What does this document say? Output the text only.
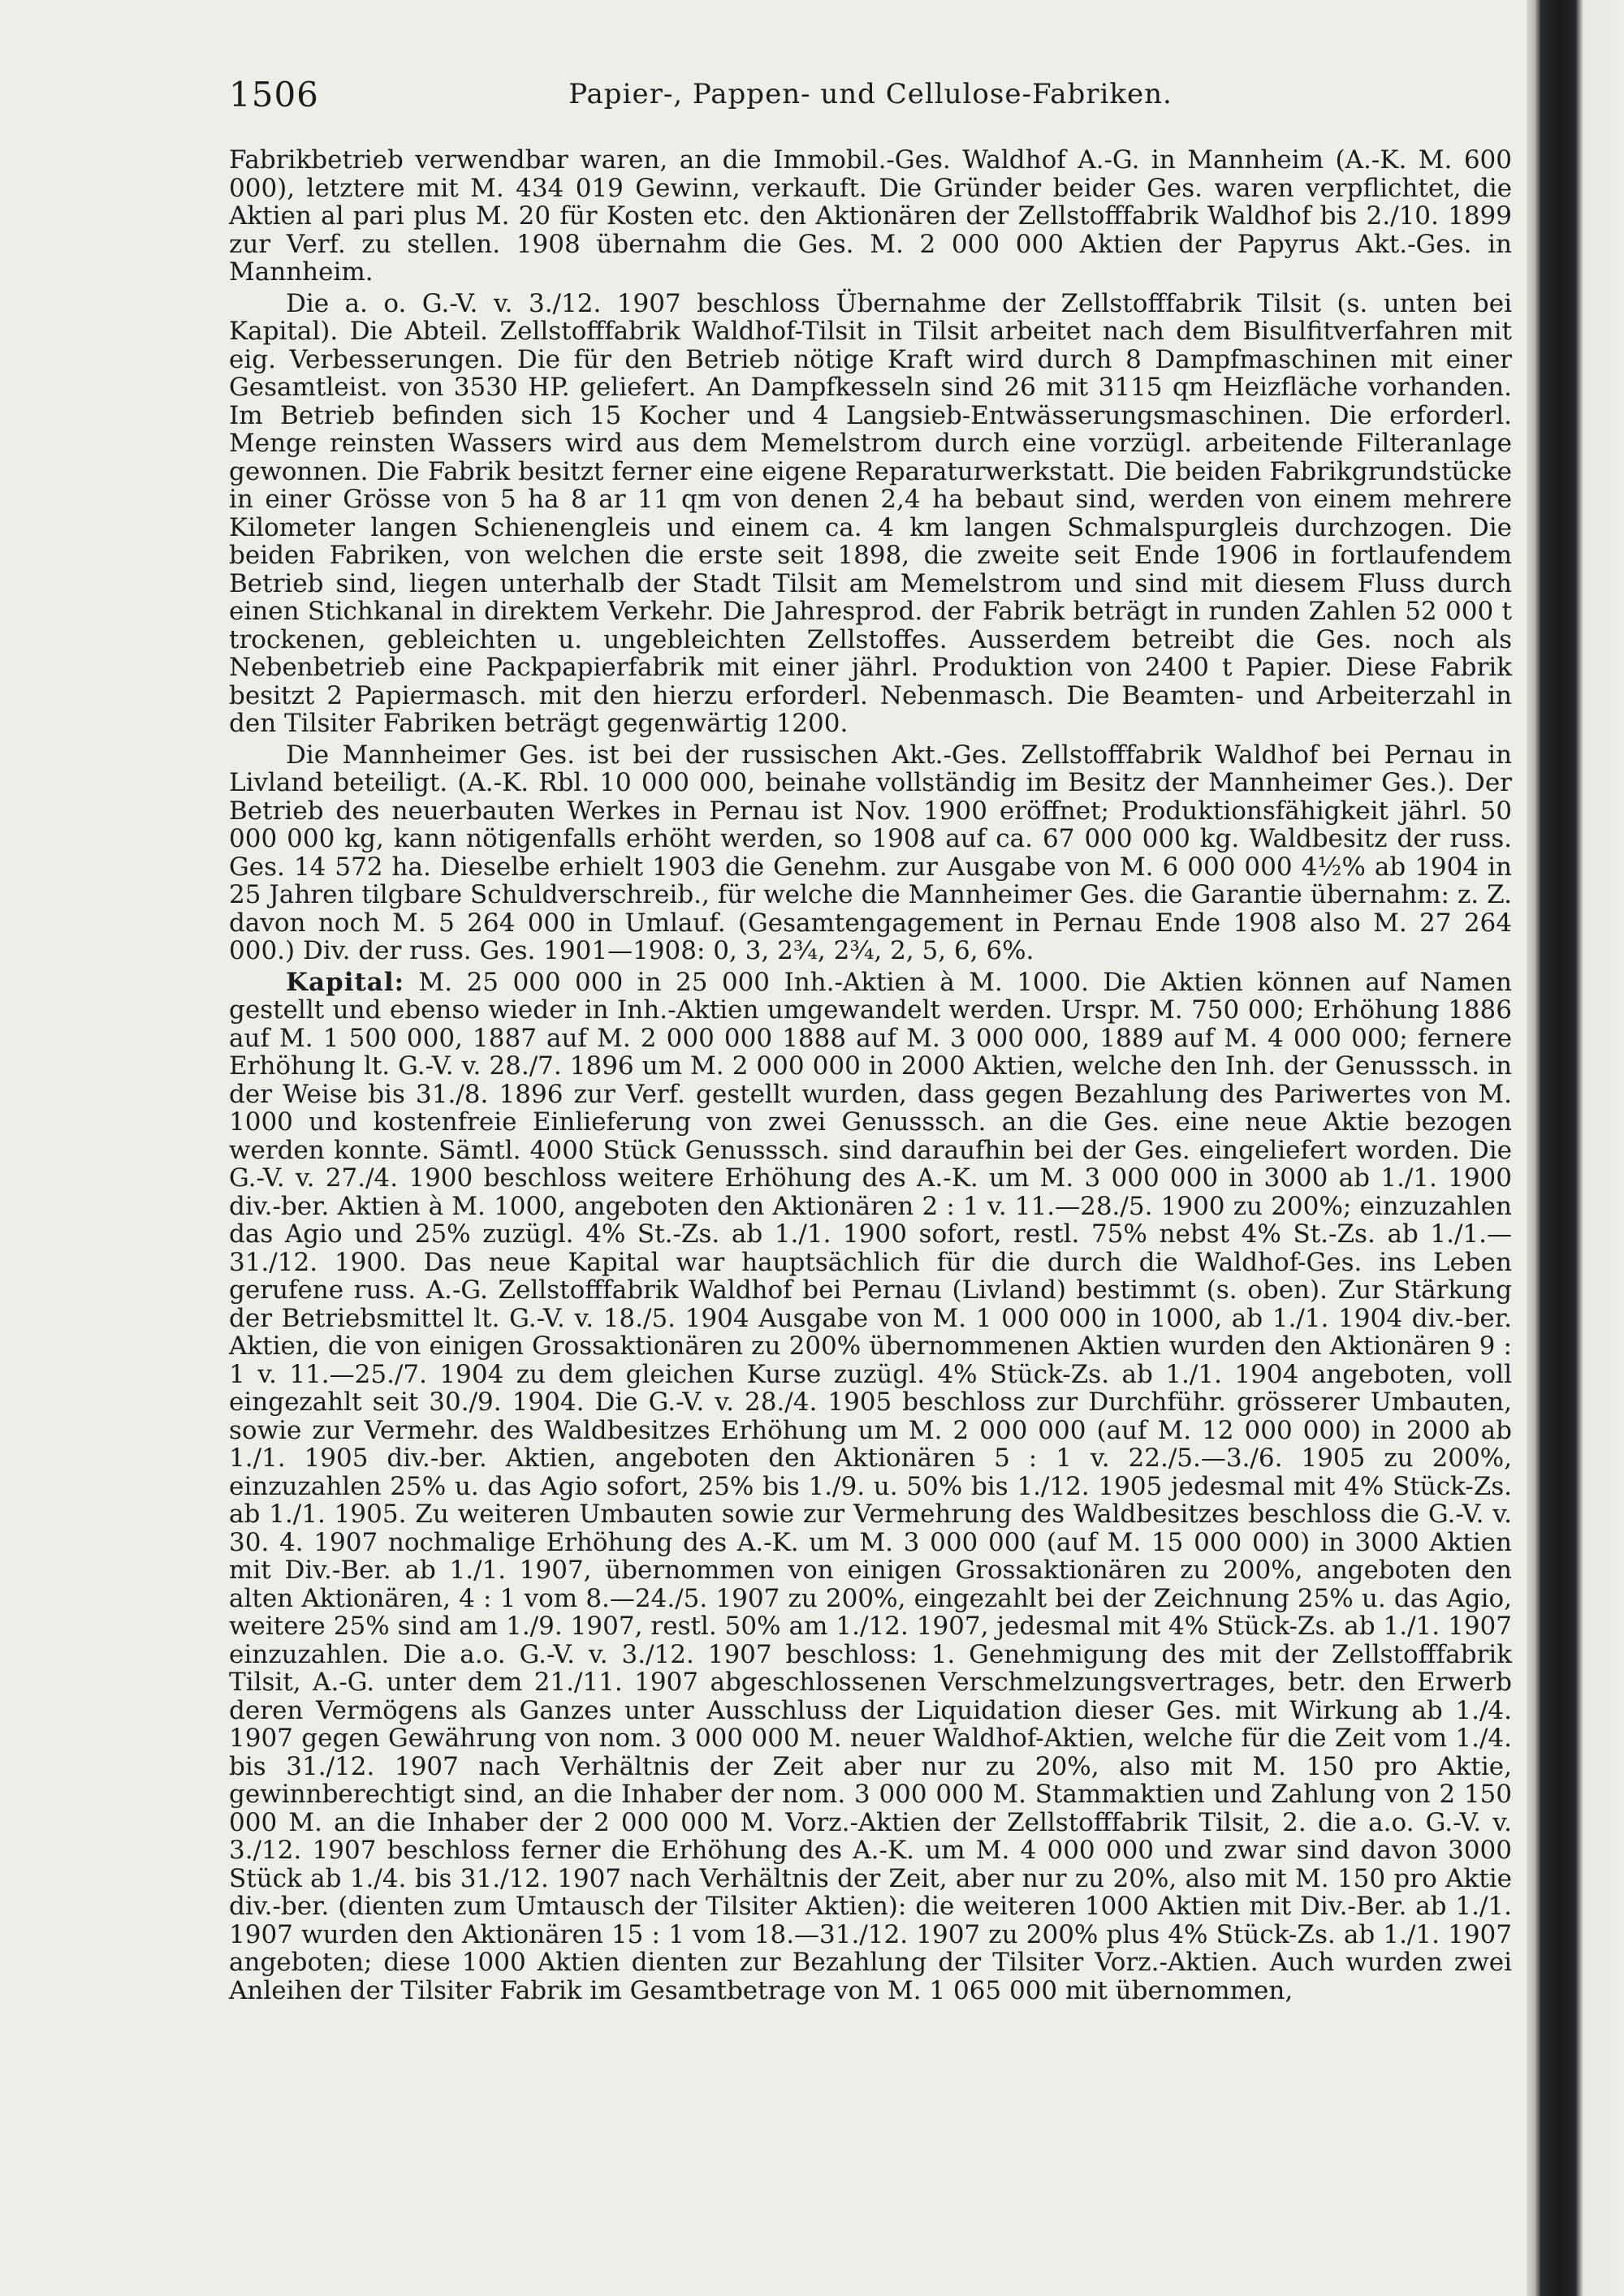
1506	Papier-, Pappen- und Cellulose-Fabriken.

Fabrikbetrieb verwendbar waren, an die Immobil.-Ges. Waldhof A.-G. in Mannheim (A.-K. M. 600 000), letztere mit M. 434 019 Gewinn, verkauft. Die Gründer beider Ges. waren verpflichtet, die Aktien al pari plus M. 20 für Kosten etc. den Aktionären der Zellstofffabrik Waldhof bis 2./10. 1899 zur Verf. zu stellen. 1908 übernahm die Ges. M. 2 000 000 Aktien der Papyrus Akt.-Ges. in Mannheim.

Die a. o. G.-V. v. 3./12. 1907 beschloss Übernahme der Zellstofffabrik Tilsit (s. unten bei Kapital). Die Abteil. Zellstofffabrik Waldhof-Tilsit in Tilsit arbeitet nach dem Bisulfitverfahren mit eig. Verbesserungen. Die für den Betrieb nötige Kraft wird durch 8 Dampfmaschinen mit einer Gesamtleist. von 3530 HP. geliefert. An Dampfkesseln sind 26 mit 3115 qm Heizfläche vorhanden. Im Betrieb befinden sich 15 Kocher und 4 Langsieb-Entwässerungsmaschinen. Die erforderl. Menge reinsten Wassers wird aus dem Memelstrom durch eine vorzügl. arbeitende Filteranlage gewonnen. Die Fabrik besitzt ferner eine eigene Reparaturwerkstatt. Die beiden Fabrikgrundstücke in einer Grösse von 5 ha 8 ar 11 qm von denen 2,4 ha bebaut sind, werden von einem mehrere Kilometer langen Schienengleis und einem ca. 4 km langen Schmalspurgleis durchzogen. Die beiden Fabriken, von welchen die erste seit 1898, die zweite seit Ende 1906 in fortlaufendem Betrieb sind, liegen unterhalb der Stadt Tilsit am Memelstrom und sind mit diesem Fluss durch einen Stichkanal in direktem Verkehr. Die Jahresprod. der Fabrik beträgt in runden Zahlen 52 000 t trockenen, gebleichten u. ungebleichten Zellstoffes. Ausserdem betreibt die Ges. noch als Nebenbetrieb eine Packpapierfabrik mit einer jährl. Produktion von 2400 t Papier. Diese Fabrik besitzt 2 Papiermasch. mit den hierzu erforderl. Nebenmasch. Die Beamten- und Arbeiterzahl in den Tilsiter Fabriken beträgt gegenwärtig 1200.

Die Mannheimer Ges. ist bei der russischen Akt.-Ges. Zellstofffabrik Waldhof bei Pernau in Livland beteiligt. (A.-K. Rbl. 10 000 000, beinahe vollständig im Besitz der Mannheimer Ges.). Der Betrieb des neuerbauten Werkes in Pernau ist Nov. 1900 eröffnet; Produktionsfähigkeit jährl. 50 000 000 kg, kann nötigenfalls erhöht werden, so 1908 auf ca. 67 000 000 kg. Waldbesitz der russ. Ges. 14 572 ha. Dieselbe erhielt 1903 die Genehm. zur Ausgabe von M. 6 000 000 4½% ab 1904 in 25 Jahren tilgbare Schuldverschreib., für welche die Mannheimer Ges. die Garantie übernahm: z. Z. davon noch M. 5 264 000 in Umlauf. (Gesamtengagement in Pernau Ende 1908 also M. 27 264 000.) Div. der russ. Ges. 1901—1908: 0, 3, 2¾, 2¾, 2, 5, 6, 6%.

Kapital: M. 25 000 000 in 25 000 Inh.-Aktien à M. 1000. Die Aktien können auf Namen gestellt und ebenso wieder in Inh.-Aktien umgewandelt werden. Urspr. M. 750 000; Erhöhung 1886 auf M. 1 500 000, 1887 auf M. 2 000 000 1888 auf M. 3 000 000, 1889 auf M. 4 000 000; fernere Erhöhung lt. G.-V. v. 28./7. 1896 um M. 2 000 000 in 2000 Aktien, welche den Inh. der Genusssch. in der Weise bis 31./8. 1896 zur Verf. gestellt wurden, dass gegen Bezahlung des Pariwertes von M. 1000 und kostenfreie Einlieferung von zwei Genusssch. an die Ges. eine neue Aktie bezogen werden konnte. Sämtl. 4000 Stück Genusssch. sind daraufhin bei der Ges. eingeliefert worden. Die G.-V. v. 27./4. 1900 beschloss weitere Erhöhung des A.-K. um M. 3 000 000 in 3000 ab 1./1. 1900 div.-ber. Aktien à M. 1000, angeboten den Aktionären 2 : 1 v. 11.—28./5. 1900 zu 200%; einzuzahlen das Agio und 25% zuzügl. 4% St.-Zs. ab 1./1. 1900 sofort, restl. 75% nebst 4% St.-Zs. ab 1./1.—31./12. 1900. Das neue Kapital war hauptsächlich für die durch die Waldhof-Ges. ins Leben gerufene russ. A.-G. Zellstofffabrik Waldhof bei Pernau (Livland) bestimmt (s. oben). Zur Stärkung der Betriebsmittel lt. G.-V. v. 18./5. 1904 Ausgabe von M. 1 000 000 in 1000, ab 1./1. 1904 div.-ber. Aktien, die von einigen Grossaktionären zu 200% übernommenen Aktien wurden den Aktionären 9 : 1 v. 11.—25./7. 1904 zu dem gleichen Kurse zuzügl. 4% Stück-Zs. ab 1./1. 1904 angeboten, voll eingezahlt seit 30./9. 1904. Die G.-V. v. 28./4. 1905 beschloss zur Durchführ. grösserer Umbauten, sowie zur Vermehr. des Waldbesitzes Erhöhung um M. 2 000 000 (auf M. 12 000 000) in 2000 ab 1./1. 1905 div.-ber. Aktien, angeboten den Aktionären 5 : 1 v. 22./5.—3./6. 1905 zu 200%, einzuzahlen 25% u. das Agio sofort, 25% bis 1./9. u. 50% bis 1./12. 1905 jedesmal mit 4% Stück-Zs. ab 1./1. 1905. Zu weiteren Umbauten sowie zur Vermehrung des Waldbesitzes beschloss die G.-V. v. 30. 4. 1907 nochmalige Erhöhung des A.-K. um M. 3 000 000 (auf M. 15 000 000) in 3000 Aktien mit Div.-Ber. ab 1./1. 1907, übernommen von einigen Grossaktionären zu 200%, angeboten den alten Aktionären, 4 : 1 vom 8.—24./5. 1907 zu 200%, eingezahlt bei der Zeichnung 25% u. das Agio, weitere 25% sind am 1./9. 1907, restl. 50% am 1./12. 1907, jedesmal mit 4% Stück-Zs. ab 1./1. 1907 einzuzahlen. Die a.o. G.-V. v. 3./12. 1907 beschloss: 1. Genehmigung des mit der Zellstofffabrik Tilsit, A.-G. unter dem 21./11. 1907 abgeschlossenen Verschmelzungsvertrages, betr. den Erwerb deren Vermögens als Ganzes unter Ausschluss der Liquidation dieser Ges. mit Wirkung ab 1./4. 1907 gegen Gewährung von nom. 3 000 000 M. neuer Waldhof-Aktien, welche für die Zeit vom 1./4. bis 31./12. 1907 nach Verhältnis der Zeit aber nur zu 20%, also mit M. 150 pro Aktie, gewinnberechtigt sind, an die Inhaber der nom. 3 000 000 M. Stammaktien und Zahlung von 2 150 000 M. an die Inhaber der 2 000 000 M. Vorz.-Aktien der Zellstofffabrik Tilsit, 2. die a.o. G.-V. v. 3./12. 1907 beschloss ferner die Erhöhung des A.-K. um M. 4 000 000 und zwar sind davon 3000 Stück ab 1./4. bis 31./12. 1907 nach Verhältnis der Zeit, aber nur zu 20%, also mit M. 150 pro Aktie div.-ber. (dienten zum Umtausch der Tilsiter Aktien): die weiteren 1000 Aktien mit Div.-Ber. ab 1./1. 1907 wurden den Aktionären 15 : 1 vom 18.—31./12. 1907 zu 200% plus 4% Stück-Zs. ab 1./1. 1907 angeboten; diese 1000 Aktien dienten zur Bezahlung der Tilsiter Vorz.-Aktien. Auch wurden zwei Anleihen der Tilsiter Fabrik im Gesamtbetrage von M. 1 065 000 mit übernommen,
